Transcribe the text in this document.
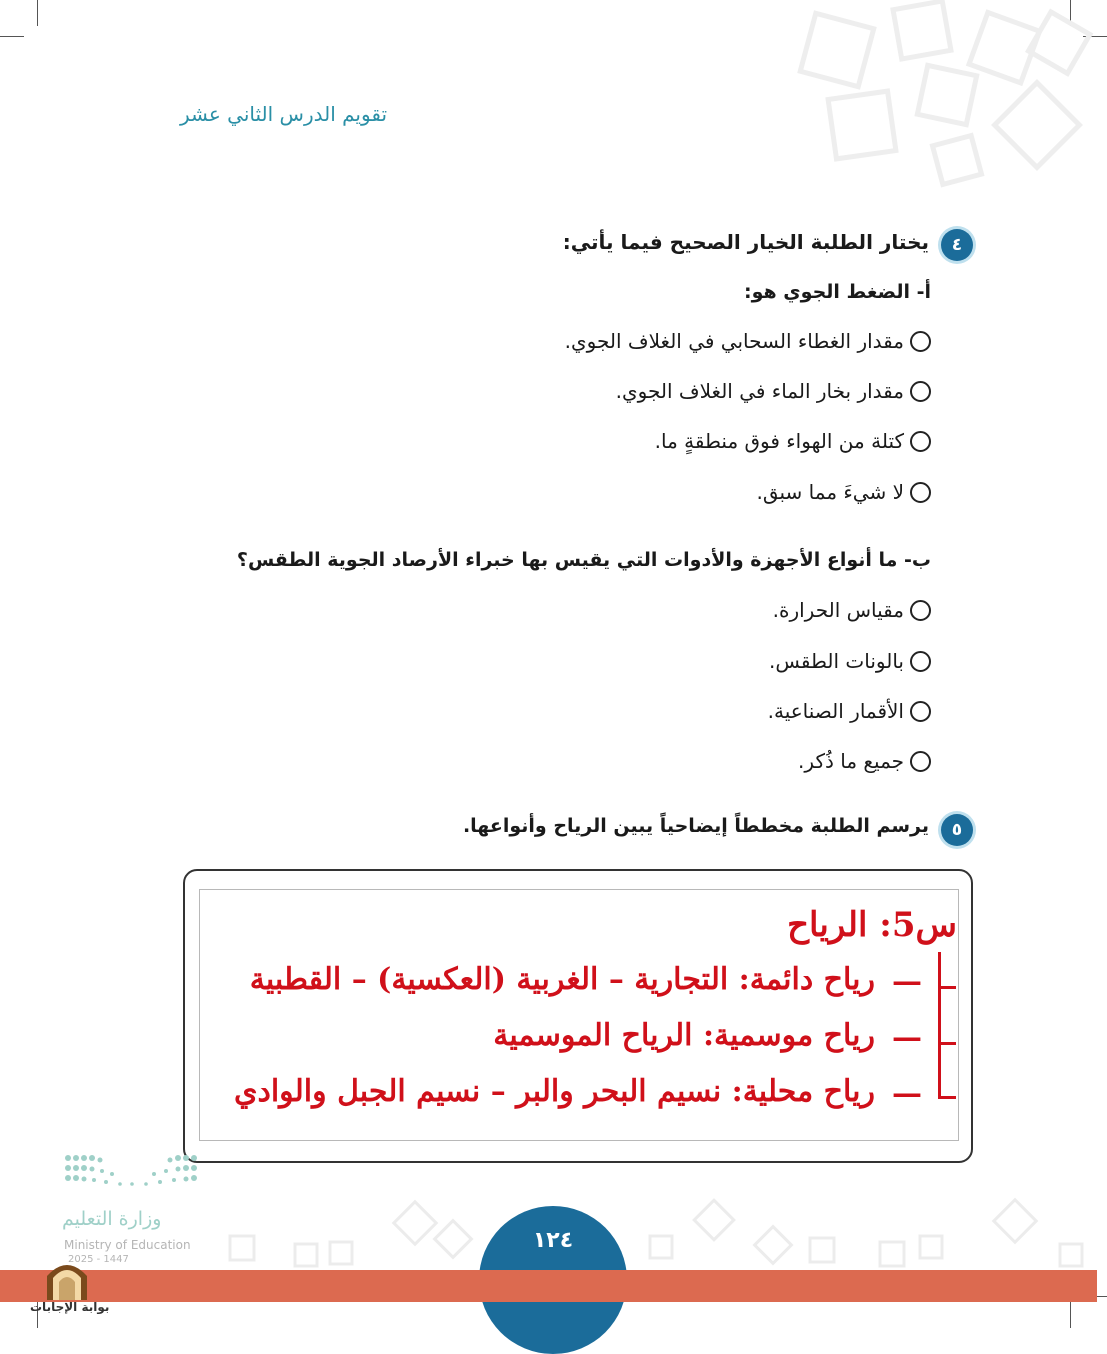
تقويم الدرس الثاني عشر
٤
يختار الطلبة الخيار الصحيح فيما يأتي:
أ- الضغط الجوي هو:
مقدار الغطاء السحابي في الغلاف الجوي.
مقدار بخار الماء في الغلاف الجوي.
كتلة من الهواء فوق منطقةٍ ما.
لا شيءَ مما سبق.
ب- ما أنواع الأجهزة والأدوات التي يقيس بها خبراء الأرصاد الجوية الطقس؟
مقياس الحرارة.
بالونات الطقس.
الأقمار الصناعية.
جميع ما ذُكر.
٥
يرسم الطلبة مخططاً إيضاحياً يبين الرياح وأنواعها.
س5: الرياح
—
رياح دائمة: التجارية – الغربية (العكسية) – القطبية
—
رياح موسمية: الرياح الموسمية
—
رياح محلية: نسيم البحر والبر – نسيم الجبل والوادي
١٢٤
وزارة التعليم
Ministry of Education
2025 - 1447
بوابة الإجابات
